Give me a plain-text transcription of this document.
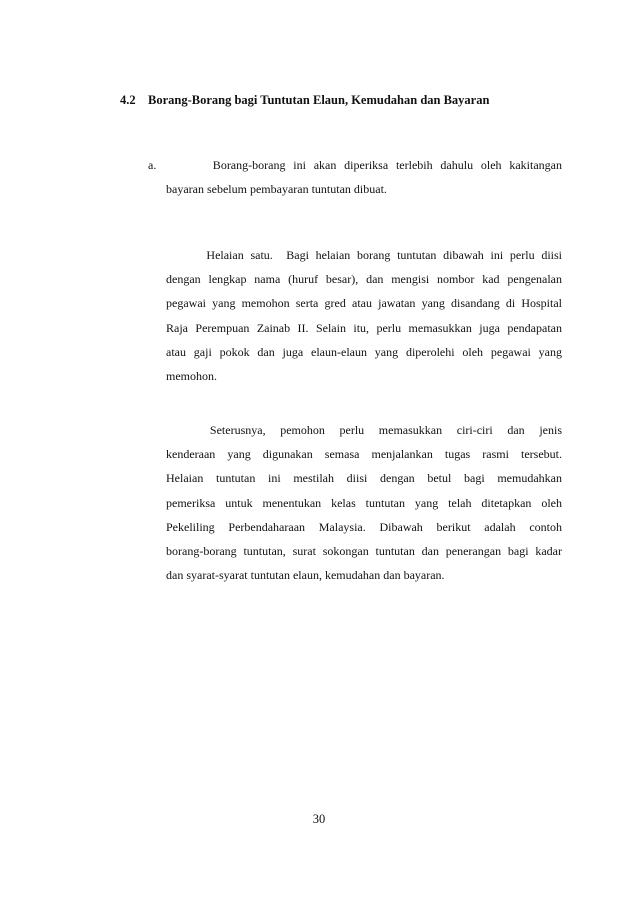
4.2 Borang-Borang bagi Tuntutan Elaun, Kemudahan dan Bayaran
a. Borang-borang  ini  akan  diperiksa  terlebih  dahulu  oleh  kakitangan
bayaran sebelum pembayaran tuntutan dibuat.
Helaian  satu.    Bagi  helaian  borang  tuntutan  dibawah  ini  perlu  diisi
dengan lengkap nama (huruf besar), dan mengisi nombor kad pengenalan
pegawai yang memohon serta gred atau jawatan yang disandang di Hospital
Raja Perempuan Zainab II. Selain itu, perlu memasukkan juga pendapatan
atau gaji pokok dan juga elaun-elaun yang diperolehi oleh pegawai yang
memohon.
Seterusnya,    pemohon    perlu    memasukkan    ciri-ciri    dan    jenis
kenderaan yang digunakan semasa menjalankan tugas rasmi tersebut.
Helaian tuntutan ini mestilah diisi dengan betul bagi memudahkan
pemeriksa untuk menentukan kelas tuntutan yang telah ditetapkan oleh
Pekeliling Perbendaharaan Malaysia. Dibawah berikut adalah contoh
borang-borang tuntutan, surat sokongan tuntutan dan penerangan bagi kadar
dan syarat-syarat tuntutan elaun, kemudahan dan bayaran.
30
